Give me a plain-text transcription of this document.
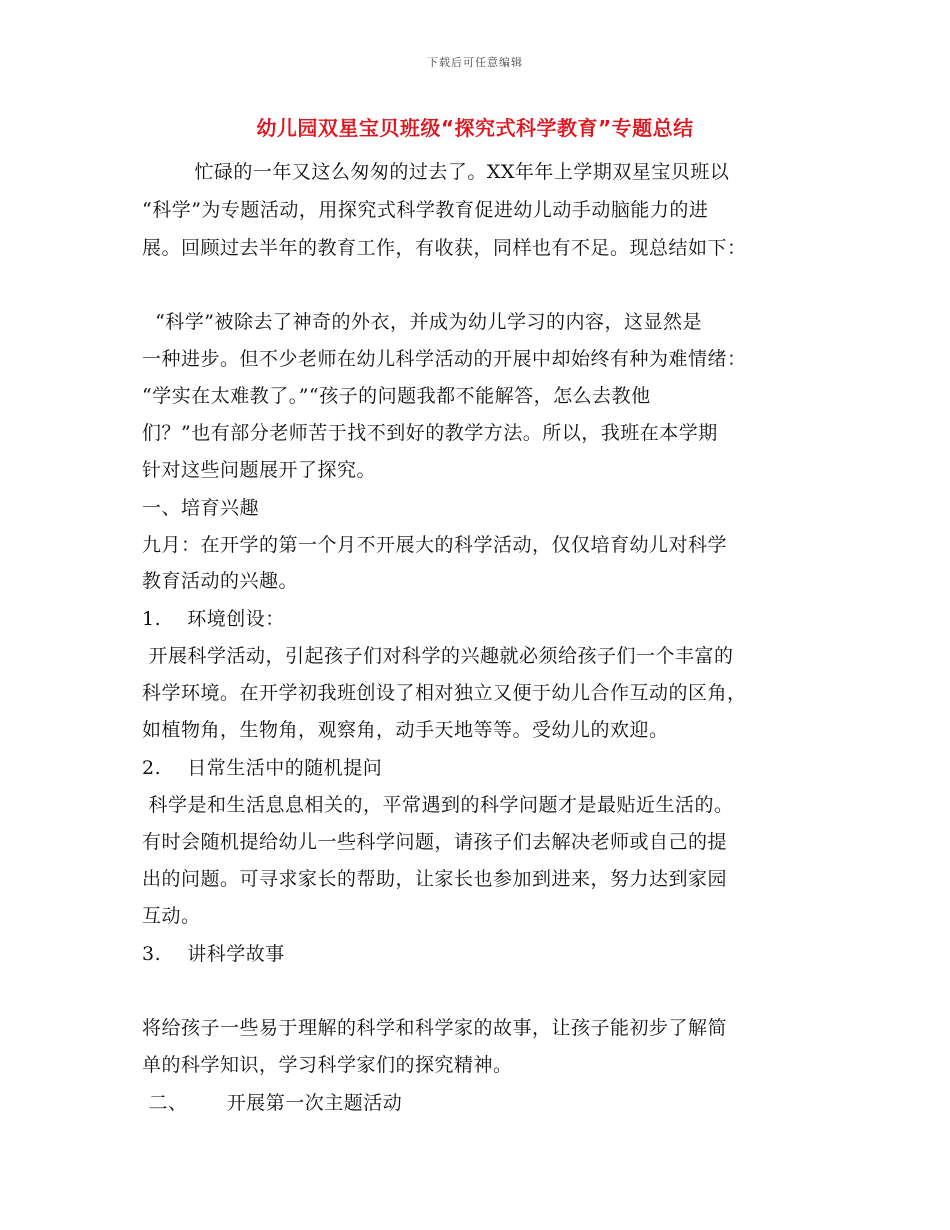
下载后可任意编辑
幼儿园双星宝贝班级“探究式科学教育”专题总结
忙碌的一年又这么匆匆的过去了。XX年年上学期双星宝贝班以
“科学”为专题活动，用探究式科学教育促进幼儿动手动脑能力的进
展。回顾过去半年的教育工作，有收获，同样也有不足。现总结如下：
“科学”被除去了神奇的外衣，并成为幼儿学习的内容，这显然是
一种进步。但不少老师在幼儿科学活动的开展中却始终有种为难情绪：
“学实在太难教了。”“孩子的问题我都不能解答，怎么去教他
们？”也有部分老师苦于找不到好的教学方法。所以，我班在本学期
针对这些问题展开了探究。
一、培育兴趣
九月：在开学的第一个月不开展大的科学活动，仅仅培育幼儿对科学
教育活动的兴趣。
1.    环境创设：
开展科学活动，引起孩子们对科学的兴趣就必须给孩子们一个丰富的
科学环境。在开学初我班创设了相对独立又便于幼儿合作互动的区角，
如植物角，生物角，观察角，动手天地等等。受幼儿的欢迎。
2.    日常生活中的随机提问
科学是和生活息息相关的，平常遇到的科学问题才是最贴近生活的。
有时会随机提给幼儿一些科学问题，请孩子们去解决老师或自己的提
出的问题。可寻求家长的帮助，让家长也参加到进来，努力达到家园
互动。
3.    讲科学故事
将给孩子一些易于理解的科学和科学家的故事，让孩子能初步了解简
单的科学知识，学习科学家们的探究精神。
二、      开展第一次主题活动
